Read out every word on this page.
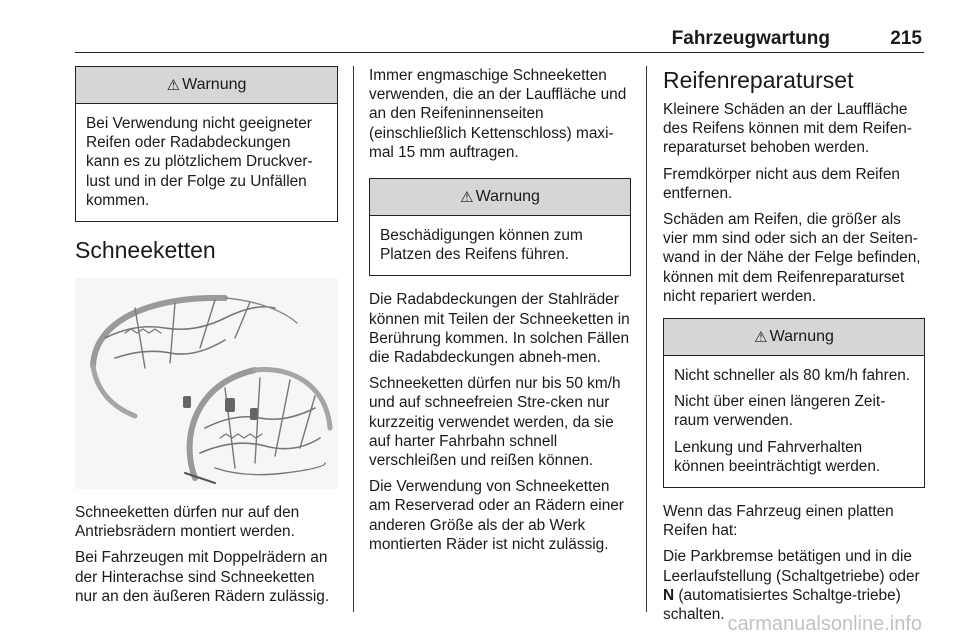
Fahrzeugwartung	215
⚠ Warnung

Bei Verwendung nicht geeigneter Reifen oder Radabdeckungen kann es zu plötzlichem Druckver‐lust und in der Folge zu Unfällen kommen.

Schneeketten

Schneeketten dürfen nur auf den Antriebsrädern montiert werden.

Bei Fahrzeugen mit Doppelrädern an der Hinterachse sind Schneeketten nur an den äußeren Rädern zulässig.

Immer engmaschige Schneeketten verwenden, die an der Lauffläche und an den Reifeninnenseiten (einschließlich Kettenschloss) maxi‐mal 15 mm auftragen.

⚠ Warnung

Beschädigungen können zum Platzen des Reifens führen.

Die Radabdeckungen der Stahlräder können mit Teilen der Schneeketten in Berührung kommen. In solchen Fällen die Radabdeckungen abneh‐men.

Schneeketten dürfen nur bis 50 km/h und auf schneefreien Stre‐cken nur kurzzeitig verwendet werden, da sie auf harter Fahrbahn schnell verschleißen und reißen können.

Die Verwendung von Schneeketten am Reserverad oder an Rädern einer anderen Größe als der ab Werk montierten Räder ist nicht zulässig.

Reifenreparaturset

Kleinere Schäden an der Lauffläche des Reifens können mit dem Reifen‐reparaturset behoben werden.

Fremdkörper nicht aus dem Reifen entfernen.

Schäden am Reifen, die größer als vier mm sind oder sich an der Seiten‐wand in der Nähe der Felge befinden, können mit dem Reifenreparaturset nicht repariert werden.

⚠ Warnung

Nicht schneller als 80 km/h fahren.

Nicht über einen längeren Zeit‐raum verwenden.

Lenkung und Fahrverhalten können beeinträchtigt werden.

Wenn das Fahrzeug einen platten Reifen hat:

Die Parkbremse betätigen und in die Leerlaufstellung (Schaltgetriebe) oder N (automatisiertes Schaltge‐triebe) schalten. carmanualsonline.info
